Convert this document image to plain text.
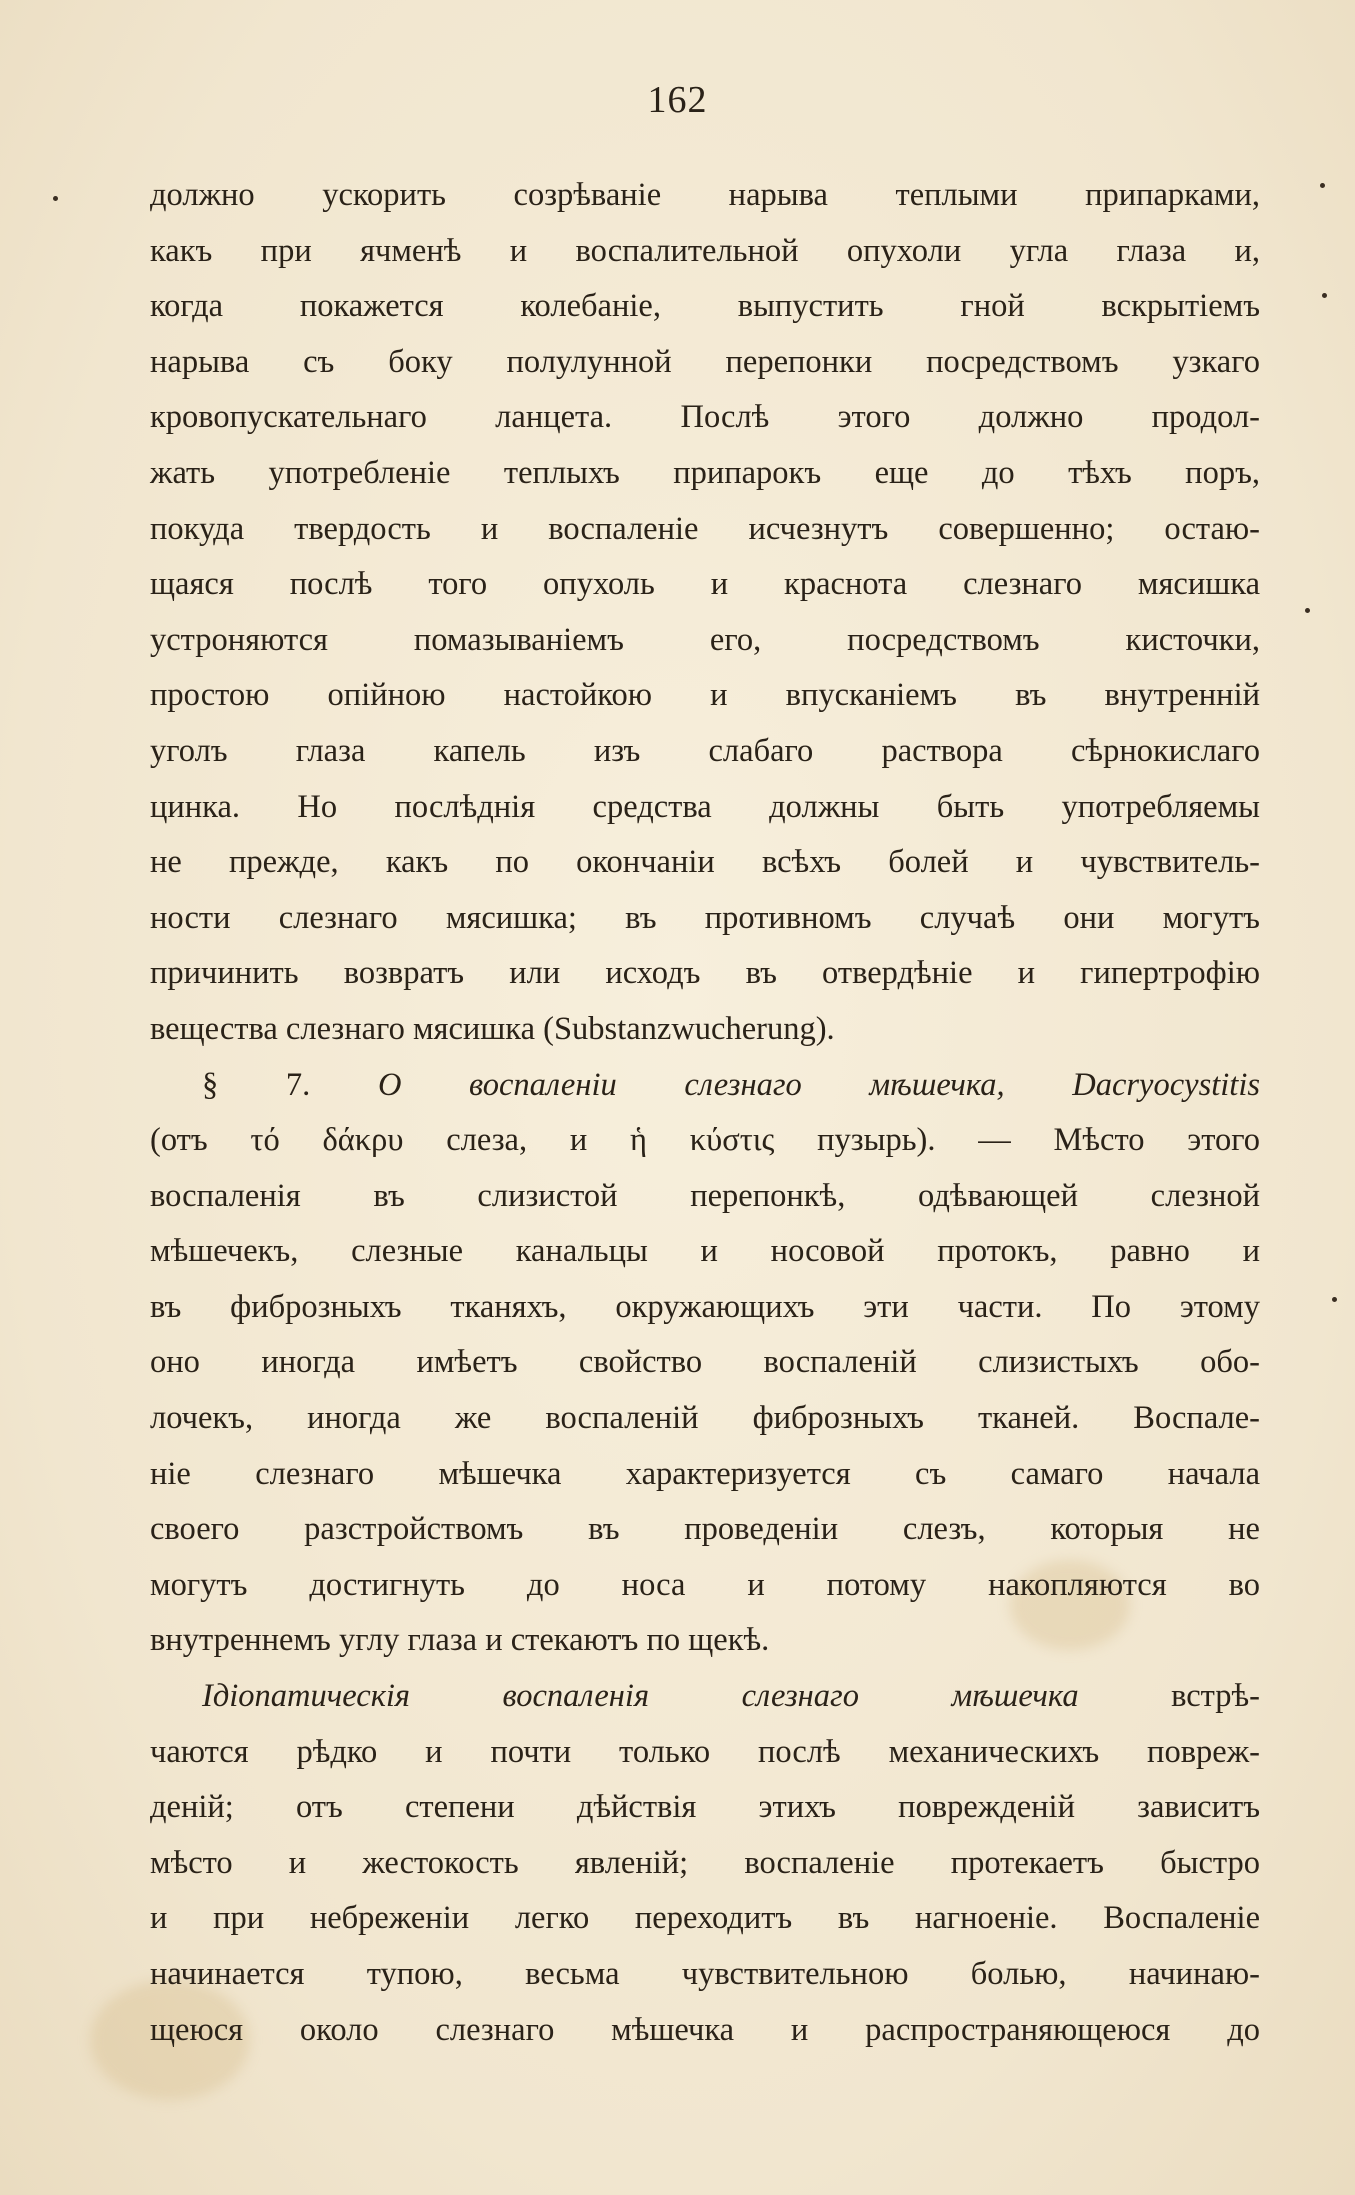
162
должно ускорить созрѣваніе нарыва теплыми припарками,
какъ при ячменѣ и воспалительной опухоли угла глаза и,
когда покажется колебаніе, выпустить гной вскрытіемъ
нарыва съ боку полулунной перепонки посредствомъ узкаго
кровопускательнаго ланцета. Послѣ этого должно продол-
жать употребленіе теплыхъ припарокъ еще до тѣхъ поръ,
покуда твердость и воспаленіе исчезнутъ совершенно; остаю-
щаяся послѣ того опухоль и краснота слезнаго мясишка
устроняются помазываніемъ его, посредствомъ кисточки,
простою опійною настойкою и впусканіемъ въ внутренній
уголъ глаза капель изъ слабаго раствора сѣрнокислаго
цинка. Но послѣднія средства должны быть употребляемы
не прежде, какъ по окончаніи всѣхъ болей и чувствитель-
ности слезнаго мясишка; въ противномъ случаѣ они могутъ
причинить возвратъ или исходъ въ отвердѣніе и гипертрофію
вещества слезнаго мясишка (Substanzwucherung).
§ 7. О воспаленіи слезнаго мѣшечка, Dacryocystitis
(отъ τό δάκρυ слеза, и ἡ κύστις пузырь). — Мѣсто этого
воспаленія въ слизистой перепонкѣ, одѣвающей слезной
мѣшечекъ, слезные канальцы и носовой протокъ, равно и
въ фиброзныхъ тканяхъ, окружающихъ эти части. По этому
оно иногда имѣетъ свойство воспаленій слизистыхъ обо-
лочекъ, иногда же воспаленій фиброзныхъ тканей. Воспале-
ніе слезнаго мѣшечка характеризуется съ самаго начала
своего разстройствомъ въ проведеніи слезъ, которыя не
могутъ достигнуть до носа и потому накопляются во
внутреннемъ углу глаза и стекаютъ по щекѣ.
Ідіопатическія воспаленія слезнаго мѣшечка встрѣ-
чаются рѣдко и почти только послѣ механическихъ повреж-
деній; отъ степени дѣйствія этихъ поврежденій зависитъ
мѣсто и жестокость явленій; воспаленіе протекаетъ быстро
и при небреженіи легко переходитъ въ нагноеніе. Воспаленіе
начинается тупою, весьма чувствительною болью, начинаю-
щеюся около слезнаго мѣшечка и распространяющеюся до
